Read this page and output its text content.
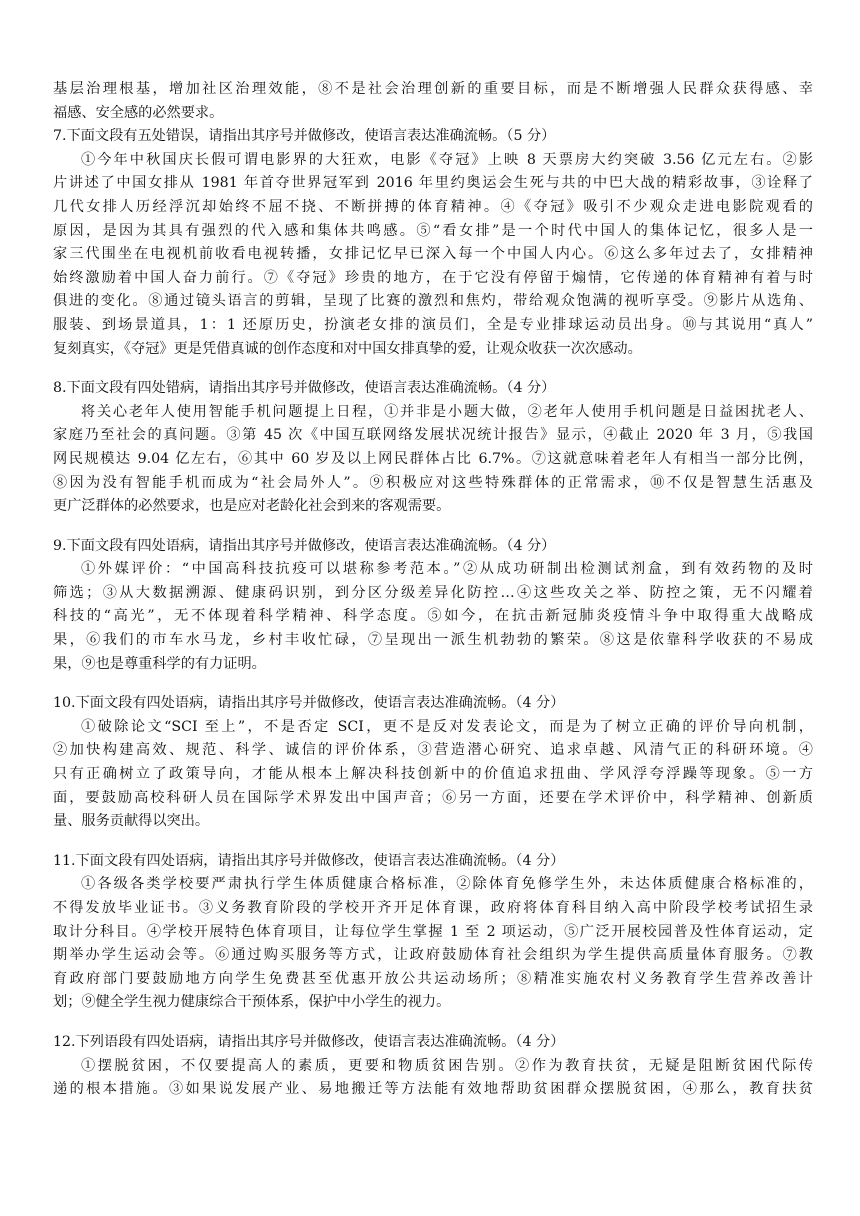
基层治理根基，增加社区治理效能，⑧不是社会治理创新的重要目标，而是不断增强人民群众获得感、幸
福感、安全感的必然要求。
7.下面文段有五处错误，请指出其序号并做修改，使语言表达准确流畅。（5 分）
①今年中秋国庆长假可谓电影界的大狂欢，电影《夺冠》上映 8 天票房大约突破 3.56 亿元左右。②影
片讲述了中国女排从 1981 年首夺世界冠军到 2016 年里约奥运会生死与共的中巴大战的精彩故事，③诠释了
几代女排人历经浮沉却始终不屈不挠、不断拼搏的体育精神。④《夺冠》吸引不少观众走进电影院观看的
原因，是因为其具有强烈的代入感和集体共鸣感。⑤“看女排”是一个时代中国人的集体记忆，很多人是一
家三代围坐在电视机前收看电视转播，女排记忆早已深入每一个中国人内心。⑥这么多年过去了，女排精神
始终激励着中国人奋力前行。⑦《夺冠》珍贵的地方，在于它没有停留于煽情，它传递的体育精神有着与时
俱进的变化。⑧通过镜头语言的剪辑，呈现了比赛的激烈和焦灼，带给观众饱满的视听享受。⑨影片从选角、
服装、到场景道具，1：1 还原历史，扮演老女排的演员们，全是专业排球运动员出身。⑩与其说用“真人”
复刻真实，《夺冠》更是凭借真诚的创作态度和对中国女排真挚的爱，让观众收获一次次感动。
8.下面文段有四处错病，请指出其序号并做修改，使语言表达准确流畅。（4 分）
将关心老年人使用智能手机问题提上日程，①并非是小题大做，②老年人使用手机问题是日益困扰老人、
家庭乃至社会的真问题。③第 45 次《中国互联网络发展状况统计报告》显示，④截止 2020 年 3 月，⑤我国
网民规模达 9.04 亿左右，⑥其中 60 岁及以上网民群体占比 6.7%。⑦这就意味着老年人有相当一部分比例，
⑧因为没有智能手机而成为“社会局外人”。⑨积极应对这些特殊群体的正常需求，⑩不仅是智慧生活惠及
更广泛群体的必然要求，也是应对老龄化社会到来的客观需要。
9.下面文段有四处语病，请指出其序号并做修改，使语言表达准确流畅。（4 分）
①外媒评价：“中国高科技抗疫可以堪称参考范本。”②从成功研制出检测试剂盒，到有效药物的及时
筛选；③从大数据溯源、健康码识别，到分区分级差异化防控…④这些攻关之举、防控之策，无不闪耀着
科技的“高光”，无不体现着科学精神、科学态度。⑤如今，在抗击新冠肺炎疫情斗争中取得重大战略成
果，⑥我们的市车水马龙，乡村丰收忙碌，⑦呈现出一派生机勃勃的繁荣。⑧这是依靠科学收获的不易成
果，⑨也是尊重科学的有力证明。
10.下面文段有四处语病，请指出其序号并做修改，使语言表达准确流畅。（4 分）
①破除论文“SCI 至上”，不是否定 SCI，更不是反对发表论文，而是为了树立正确的评价导向机制，
②加快构建高效、规范、科学、诚信的评价体系，③营造潜心研究、追求卓越、风清气正的科研环境。④
只有正确树立了政策导向，才能从根本上解决科技创新中的价值追求扭曲、学风浮夸浮躁等现象。⑤一方
面，要鼓励高校科研人员在国际学术界发出中国声音；⑥另一方面，还要在学术评价中，科学精神、创新质
量、服务贡献得以突出。
11.下面文段有四处语病，请指出其序号并做修改，使语言表达准确流畅。（4 分）
①各级各类学校要严肃执行学生体质健康合格标准，②除体育免修学生外，未达体质健康合格标准的，
不得发放毕业证书。③义务教育阶段的学校开齐开足体育课，政府将体育科目纳入高中阶段学校考试招生录
取计分科目。④学校开展特色体育项目，让每位学生掌握 1 至 2 项运动，⑤广泛开展校园普及性体育运动，定
期举办学生运动会等。⑥通过购买服务等方式，让政府鼓励体育社会组织为学生提供高质量体育服务。⑦教
育政府部门要鼓励地方向学生免费甚至优惠开放公共运动场所；⑧精准实施农村义务教育学生营养改善计
划；⑨健全学生视力健康综合干预体系，保护中小学生的视力。
12.下列语段有四处语病，请指出其序号并做修改，使语言表达准确流畅。（4 分）
①摆脱贫困，不仅要提高人的素质，更要和物质贫困告别。②作为教育扶贫，无疑是阻断贫困代际传
递的根本措施。③如果说发展产业、易地搬迁等方法能有效地帮助贫困群众摆脱贫困，④那么，教育扶贫
